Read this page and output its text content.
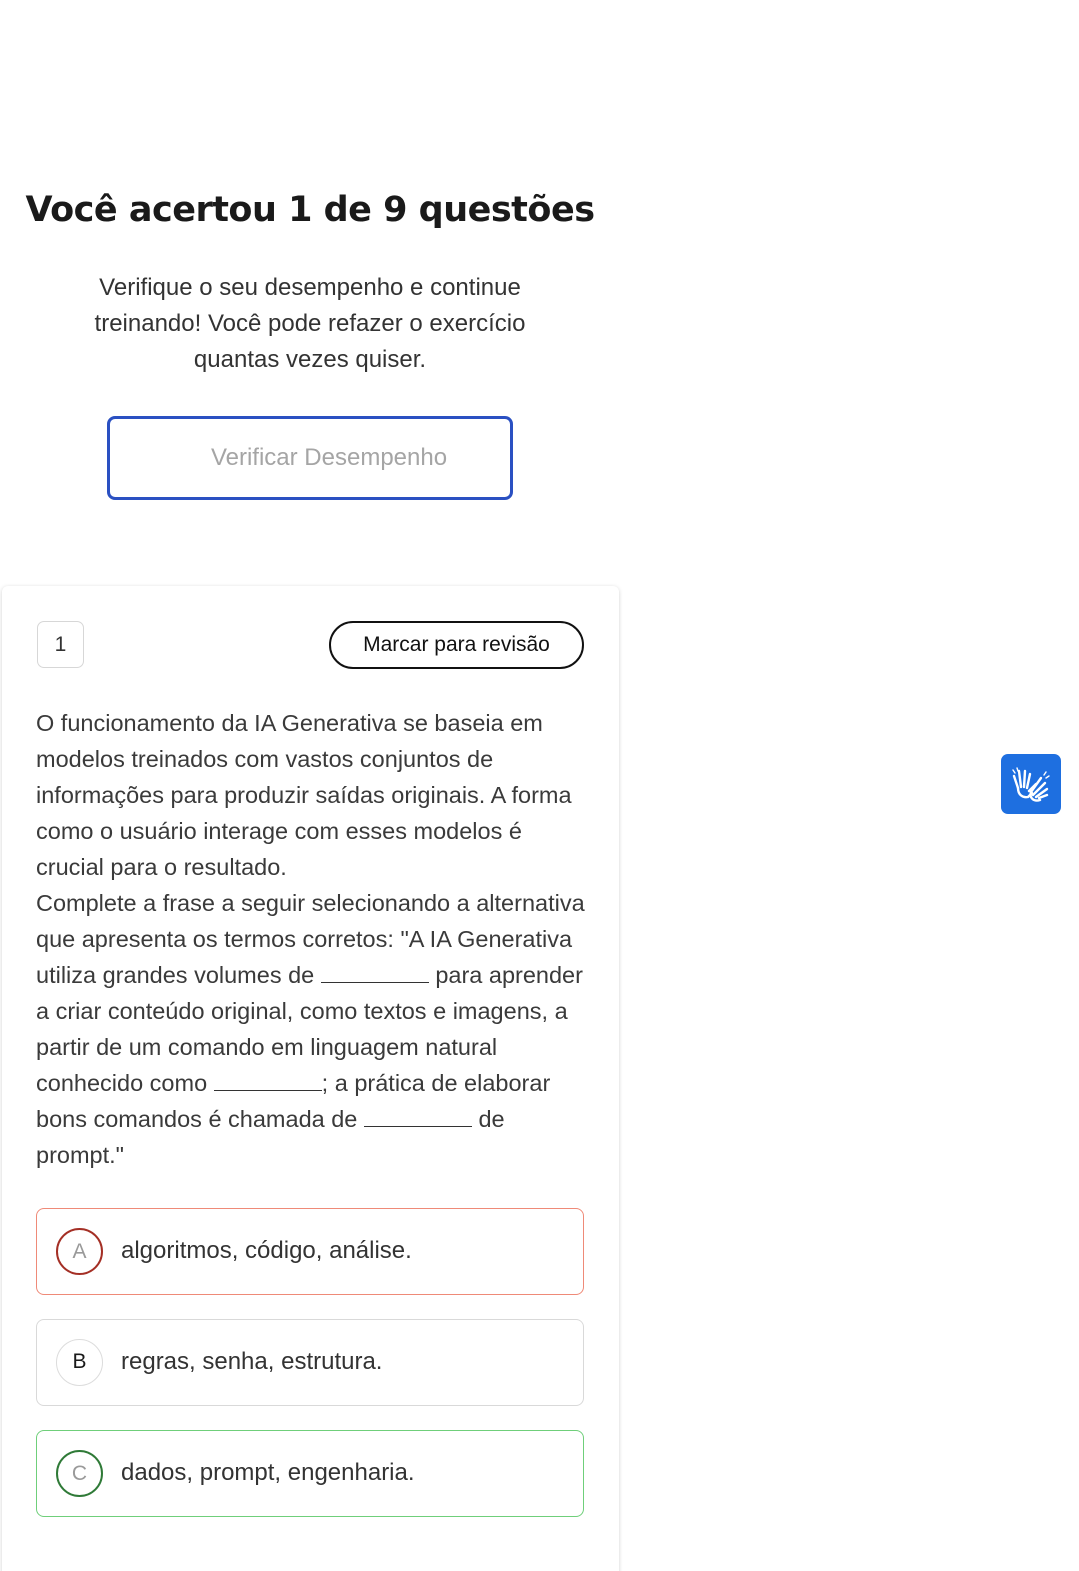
Você acertou 1 de 9 questões

Verifique o seu desempenho e continue treinando! Você pode refazer o exercício quantas vezes quiser.

Verificar Desempenho
1	Marcar para revisão

O funcionamento da IA Generativa se baseia em modelos treinados com vastos conjuntos de informações para produzir saídas originais. A forma como o usuário interage com esses modelos é crucial para o resultado.

Complete a frase a seguir selecionando a alternativa que apresenta os termos corretos: "A IA Generativa utiliza grandes volumes de	para aprender a criar conteúdo original, como textos e imagens, a partir de um comando em linguagem natural conhecido como	; a prática de elaborar bons comandos é chamada de	de prompt."

A	algoritmos, código, análise.
B	regras, senha, estrutura.
C	dados, prompt, engenharia.
